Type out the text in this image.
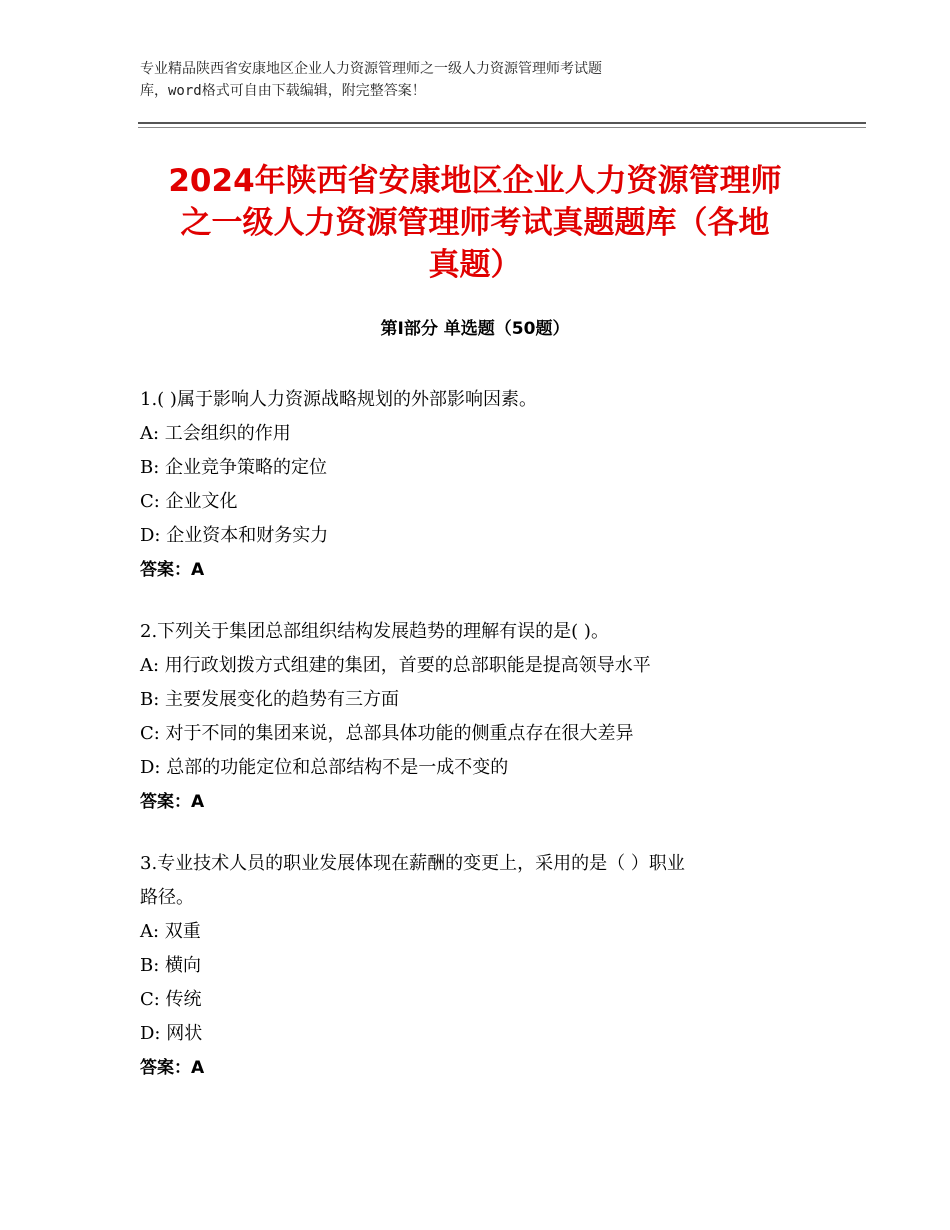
专业精品陕西省安康地区企业人力资源管理师之一级人力资源管理师考试题
库，word格式可自由下载编辑，附完整答案！
2024年陕西省安康地区企业人力资源管理师
之一级人力资源管理师考试真题题库（各地
真题）
第Ⅰ部分 单选题（50题）
1.( )属于影响人力资源战略规划的外部影响因素。
A: 工会组织的作用
B: 企业竞争策略的定位
C: 企业文化
D: 企业资本和财务实力
答案：A
2.下列关于集团总部组织结构发展趋势的理解有误的是( )。
A: 用行政划拨方式组建的集团，首要的总部职能是提高领导水平
B: 主要发展变化的趋势有三方面
C: 对于不同的集团来说，总部具体功能的侧重点存在很大差异
D: 总部的功能定位和总部结构不是一成不变的
答案：A
3.专业技术人员的职业发展体现在薪酬的变更上，采用的是（ ）职业
路径。
A: 双重
B: 横向
C: 传统
D: 网状
答案：A
